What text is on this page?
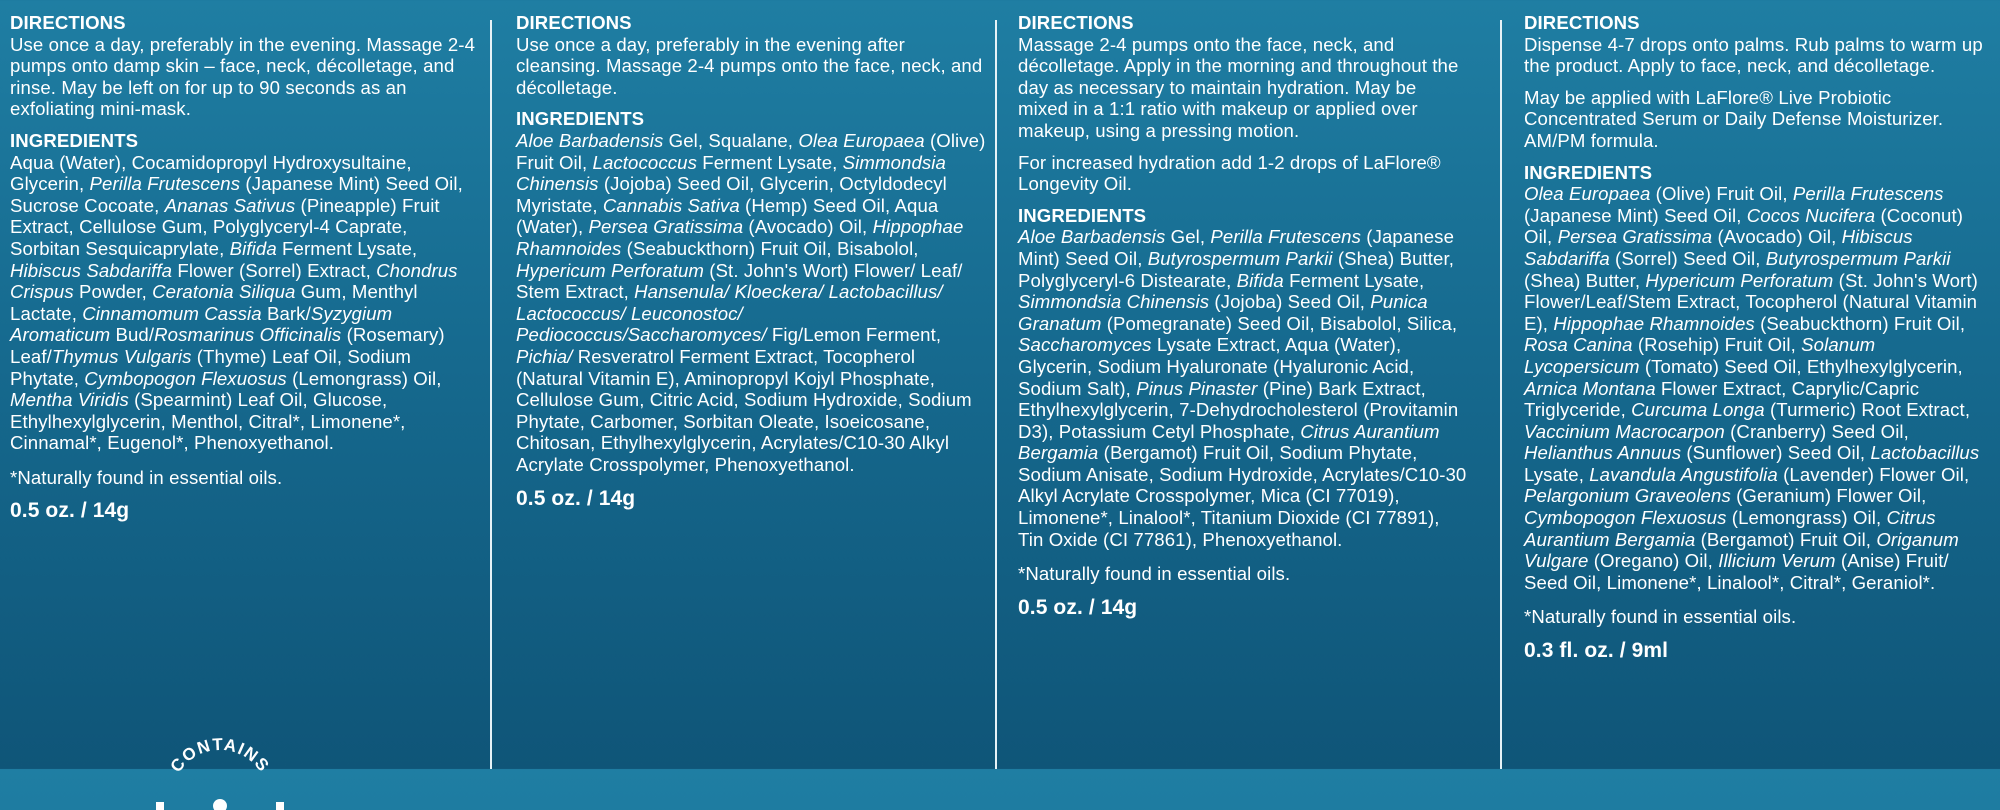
DIRECTIONS
Use once a day, preferably in the evening. Massage 2-4 pumps onto damp skin – face, neck, décolletage, and rinse. May be left on for up to 90 seconds as an exfoliating mini-mask.
INGREDIENTS
Aqua (Water), Cocamidopropyl Hydroxysultaine, Glycerin, Perilla Frutescens (Japanese Mint) Seed Oil, Sucrose Cocoate, Ananas Sativus (Pineapple) Fruit Extract, Cellulose Gum, Polyglyceryl-4 Caprate, Sorbitan Sesquicaprylate, Bifida Ferment Lysate, Hibiscus Sabdariffa Flower (Sorrel) Extract, Chondrus Crispus Powder, Ceratonia Siliqua Gum, Menthyl Lactate, Cinnamomum Cassia Bark/Syzygium Aromaticum Bud/Rosmarinus Officinalis (Rosemary) Leaf/Thymus Vulgaris (Thyme) Leaf Oil, Sodium Phytate, Cymbopogon Flexuosus (Lemongrass) Oil, Mentha Viridis (Spearmint) Leaf Oil, Glucose, Ethylhexylglycerin, Menthol, Citral*, Limonene*, Cinnamal*, Eugenol*, Phenoxyethanol.
*Naturally found in essential oils.
0.5 oz. / 14g
DIRECTIONS
Use once a day, preferably in the evening after cleansing. Massage 2-4 pumps onto the face, neck, and décolletage.
INGREDIENTS
Aloe Barbadensis Gel, Squalane, Olea Europaea (Olive) Fruit Oil, Lactococcus Ferment Lysate, Simmondsia Chinensis (Jojoba) Seed Oil, Glycerin, Octyldodecyl Myristate, Cannabis Sativa (Hemp) Seed Oil, Aqua (Water), Persea Gratissima (Avocado) Oil, Hippophae Rhamnoides (Seabuckthorn) Fruit Oil, Bisabolol, Hypericum Perforatum (St. John's Wort) Flower/ Leaf/ Stem Extract, Hansenula/ Kloeckera/ Lactobacillus/ Lactococcus/ Leuconostoc/ Pediococcus/Saccharomyces/ Fig/Lemon Ferment, Pichia/ Resveratrol Ferment Extract, Tocopherol (Natural Vitamin E), Aminopropyl Kojyl Phosphate, Cellulose Gum, Citric Acid, Sodium Hydroxide, Sodium Phytate, Carbomer, Sorbitan Oleate, Isoeicosane, Chitosan, Ethylhexylglycerin, Acrylates/C10-30 Alkyl Acrylate Crosspolymer, Phenoxyethanol.
0.5 oz. / 14g
DIRECTIONS
Massage 2-4 pumps onto the face, neck, and décolletage. Apply in the morning and throughout the day as necessary to maintain hydration. May be mixed in a 1:1 ratio with makeup or applied over makeup, using a pressing motion.
For increased hydration add 1-2 drops of LaFlore® Longevity Oil.
INGREDIENTS
Aloe Barbadensis Gel, Perilla Frutescens (Japanese Mint) Seed Oil, Butyrospermum Parkii (Shea) Butter, Polyglyceryl-6 Distearate, Bifida Ferment Lysate, Simmondsia Chinensis (Jojoba) Seed Oil, Punica Granatum (Pomegranate) Seed Oil, Bisabolol, Silica, Saccharomyces Lysate Extract, Aqua (Water), Glycerin, Sodium Hyaluronate (Hyaluronic Acid, Sodium Salt), Pinus Pinaster (Pine) Bark Extract, Ethylhexylglycerin, 7-Dehydrocholesterol (Provitamin D3), Potassium Cetyl Phosphate, Citrus Aurantium Bergamia (Bergamot) Fruit Oil, Sodium Phytate, Sodium Anisate, Sodium Hydroxide, Acrylates/C10-30 Alkyl Acrylate Crosspolymer, Mica (CI 77019), Limonene*, Linalool*, Titanium Dioxide (CI 77891), Tin Oxide (CI 77861), Phenoxyethanol.
*Naturally found in essential oils.
0.5 oz. / 14g
DIRECTIONS
Dispense 4-7 drops onto palms. Rub palms to warm up the product. Apply to face, neck, and décolletage.
May be applied with LaFlore® Live Probiotic Concentrated Serum or Daily Defense Moisturizer. AM/PM formula.
INGREDIENTS
Olea Europaea (Olive) Fruit Oil, Perilla Frutescens (Japanese Mint) Seed Oil, Cocos Nucifera (Coconut) Oil, Persea Gratissima (Avocado) Oil, Hibiscus Sabdariffa (Sorrel) Seed Oil, Butyrospermum Parkii (Shea) Butter, Hypericum Perforatum (St. John's Wort) Flower/Leaf/Stem Extract, Tocopherol (Natural Vitamin E), Hippophae Rhamnoides (Seabuckthorn) Fruit Oil, Rosa Canina (Rosehip) Fruit Oil, Solanum Lycopersicum (Tomato) Seed Oil, Ethylhexylglycerin, Arnica Montana Flower Extract, Caprylic/Capric Triglyceride, Curcuma Longa (Turmeric) Root Extract, Vaccinium Macrocarpon (Cranberry) Seed Oil, Helianthus Annuus (Sunflower) Seed Oil, Lactobacillus Lysate, Lavandula Angustifolia (Lavender) Flower Oil, Pelargonium Graveolens (Geranium) Flower Oil, Cymbopogon Flexuosus (Lemongrass) Oil, Citrus Aurantium Bergamia (Bergamot) Fruit Oil, Origanum Vulgare (Oregano) Oil, Illicium Verum (Anise) Fruit/ Seed Oil, Limonene*, Linalool*, Citral*, Geraniol*.
*Naturally found in essential oils.
0.3 fl. oz. / 9ml
CONTAINS
